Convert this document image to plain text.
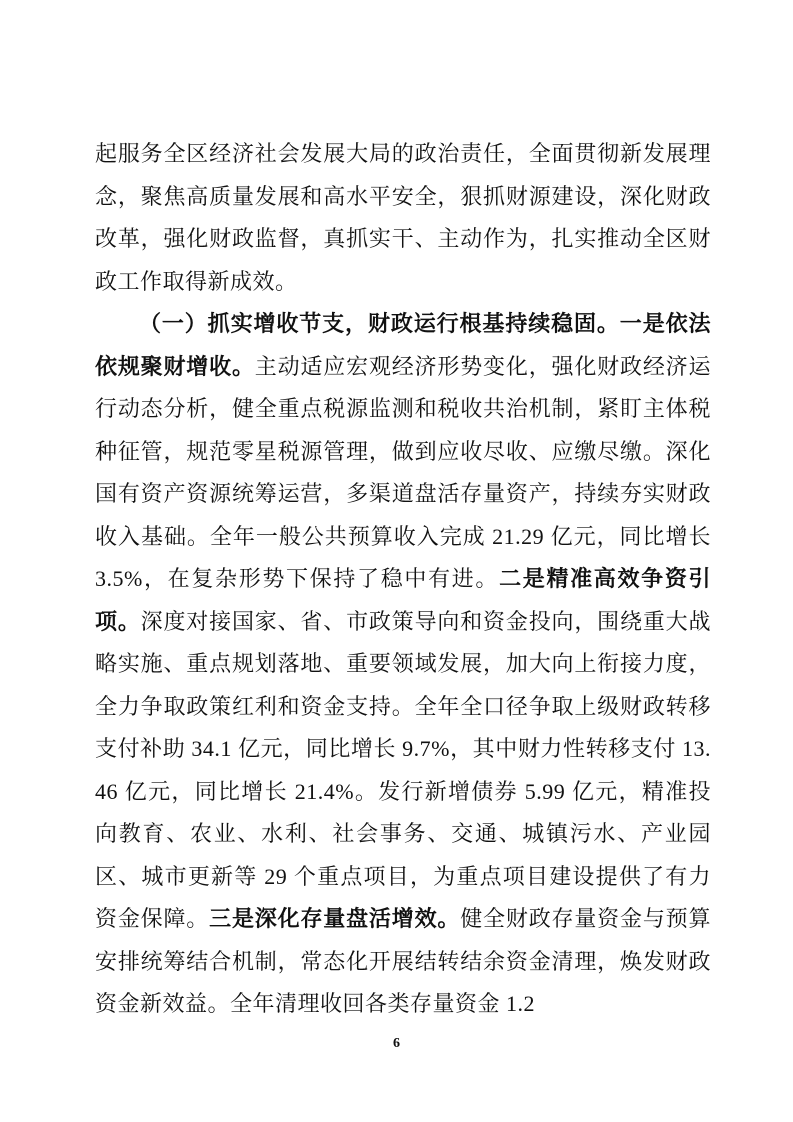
起服务全区经济社会发展大局的政治责任，全面贯彻新发展理念，聚焦高质量发展和高水平安全，狠抓财源建设，深化财政改革，强化财政监督，真抓实干、主动作为，扎实推动全区财政工作取得新成效。

（一）抓实增收节支，财政运行根基持续稳固。一是依法依规聚财增收。主动适应宏观经济形势变化，强化财政经济运行动态分析，健全重点税源监测和税收共治机制，紧盯主体税种征管，规范零星税源管理，做到应收尽收、应缴尽缴。深化国有资产资源统筹运营，多渠道盘活存量资产，持续夯实财政收入基础。全年一般公共预算收入完成 21.29 亿元，同比增长 3.5%，在复杂形势下保持了稳中有进。二是精准高效争资引项。深度对接国家、省、市政策导向和资金投向，围绕重大战略实施、重点规划落地、重要领域发展，加大向上衔接力度，全力争取政策红利和资金支持。全年全口径争取上级财政转移支付补助 34.1 亿元，同比增长 9.7%，其中财力性转移支付 13.46 亿元，同比增长 21.4%。发行新增债券 5.99 亿元，精准投向教育、农业、水利、社会事务、交通、城镇污水、产业园区、城市更新等 29 个重点项目，为重点项目建设提供了有力资金保障。三是深化存量盘活增效。健全财政存量资金与预算安排统筹结合机制，常态化开展结转结余资金清理，焕发财政资金新效益。全年清理收回各类存量资金 1.2

6
